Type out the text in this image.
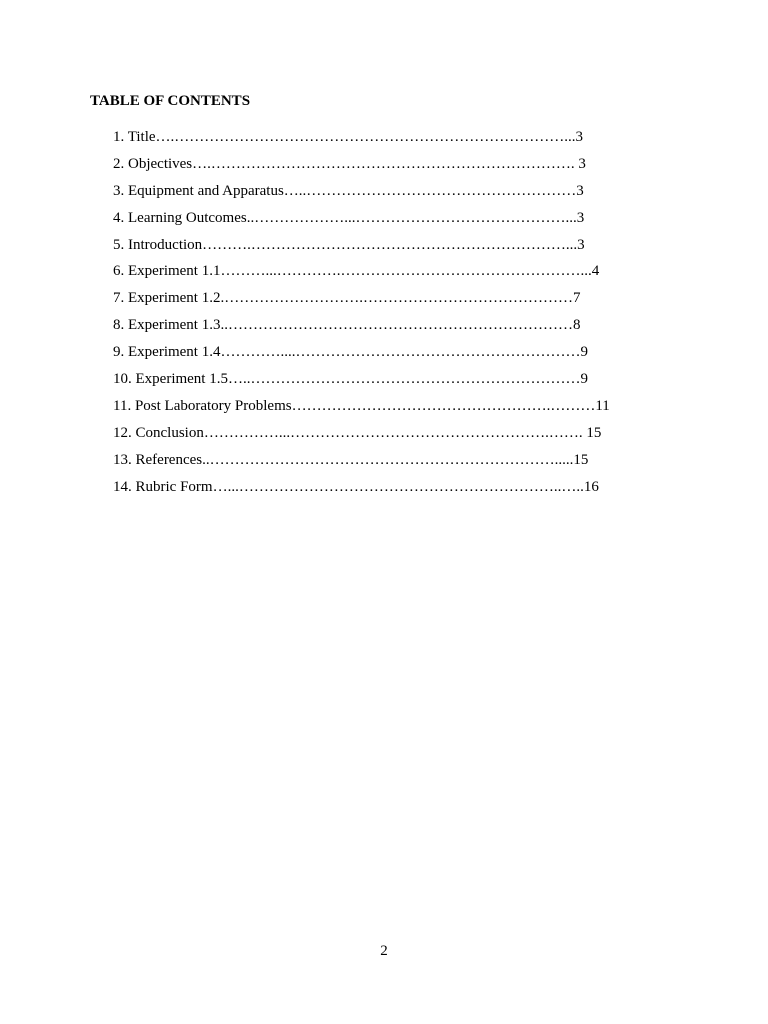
TABLE OF CONTENTS
1. Title….……………………………………………………………………...3
2. Objectives….………………………………………………………………. 3
3. Equipment and Apparatus…..………………………………………………3
4. Learning Outcomes..………………...……………………………………...3
5. Introduction……….………………………………………………………...3
6. Experiment 1.1………...………….…………………………………………...4
7. Experiment 1.2.……………………….……………………………………7
8. Experiment 1.3..……………………………………………………………8
9. Experiment 1.4…………....…………………………………………………9
10. Experiment 1.5…..…………………………………………………………9
11. Post Laboratory Problems…………………………………………….………11
12. Conclusion……………...…………………………………………….……. 15
13. References..…………………………………………………………….....15
14. Rubric Form…...………………………………………………………..…..16
2
